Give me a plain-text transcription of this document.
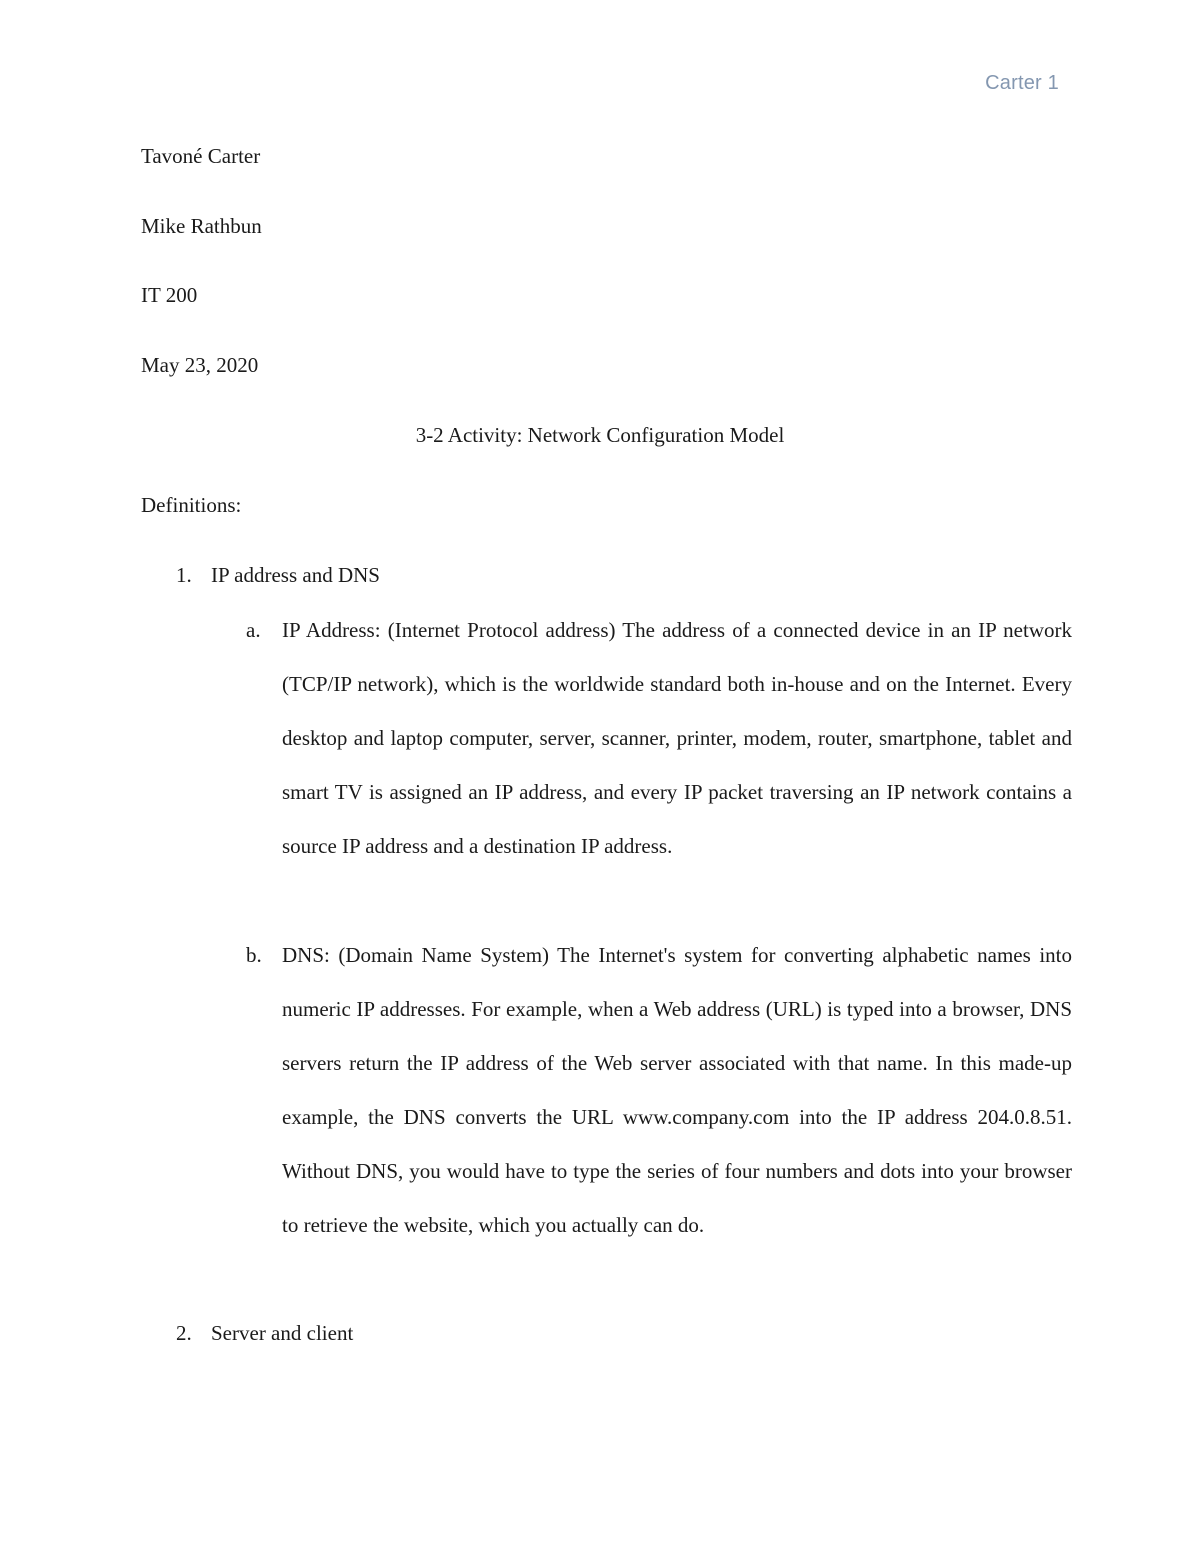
Carter 1
Tavoné Carter
Mike Rathbun
IT 200
May 23, 2020
3-2 Activity: Network Configuration Model
Definitions:
1. IP address and DNS
a. IP Address: (Internet Protocol address) The address of a connected device in an IP network (TCP/IP network), which is the worldwide standard both in-house and on the Internet. Every desktop and laptop computer, server, scanner, printer, modem, router, smartphone, tablet and smart TV is assigned an IP address, and every IP packet traversing an IP network contains a source IP address and a destination IP address.

b. DNS: (Domain Name System) The Internet's system for converting alphabetic names into numeric IP addresses. For example, when a Web address (URL) is typed into a browser, DNS servers return the IP address of the Web server associated with that name. In this made-up example, the DNS converts the URL www.company.com into the IP address 204.0.8.51. Without DNS, you would have to type the series of four numbers and dots into your browser to retrieve the website, which you actually can do.

2. Server and client
